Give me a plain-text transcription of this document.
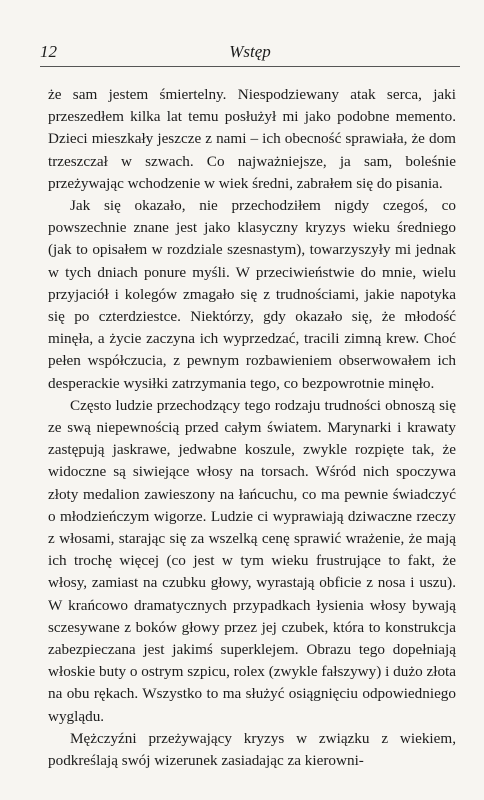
12	Wstęp

że sam jestem śmiertelny. Niespodziewany atak serca, jaki przeszedłem kilka lat temu posłużył mi jako podobne memento. Dzieci mieszkały jeszcze z nami – ich obecność sprawiała, że dom trzeszczał w szwach. Co najważniejsze, ja sam, boleśnie przeżywając wchodzenie w wiek średni, zabrałem się do pisania.

Jak się okazało, nie przechodziłem nigdy czegoś, co powszechnie znane jest jako klasyczny kryzys wieku średniego (jak to opisałem w rozdziale szesnastym), towarzyszyły mi jednak w tych dniach ponure myśli. W przeciwieństwie do mnie, wielu przyjaciół i kolegów zmagało się z trudnościami, jakie napotyka się po czterdziestce. Niektórzy, gdy okazało się, że młodość minęła, a życie zaczyna ich wyprzedzać, tracili zimną krew. Choć pełen współczucia, z pewnym rozbawieniem obserwowałem ich desperackie wysiłki zatrzymania tego, co bezpowrotnie minęło.

Często ludzie przechodzący tego rodzaju trudności obnoszą się ze swą niepewnością przed całym światem. Marynarki i krawaty zastępują jaskrawe, jedwabne koszule, zwykle rozpięte tak, że widoczne są siwiejące włosy na torsach. Wśród nich spoczywa złoty medalion zawieszony na łańcuchu, co ma pewnie świadczyć o młodzieńczym wigorze. Ludzie ci wyprawiają dziwaczne rzeczy z włosami, starając się za wszelką cenę sprawić wrażenie, że mają ich trochę więcej (co jest w tym wieku frustrujące to fakt, że włosy, zamiast na czubku głowy, wyrastają obficie z nosa i uszu). W krańcowo dramatycznych przypadkach łysienia włosy bywają sczesywane z boków głowy przez jej czubek, która to konstrukcja zabezpieczana jest jakimś superklejem. Obrazu tego dopełniają włoskie buty o ostrym szpicu, rolex (zwykle fałszywy) i dużo złota na obu rękach. Wszystko to ma służyć osiągnięciu odpowiedniego wyglądu.

Mężczyźni przeżywający kryzys w związku z wiekiem, podkreślają swój wizerunek zasiadając za kierowni-
